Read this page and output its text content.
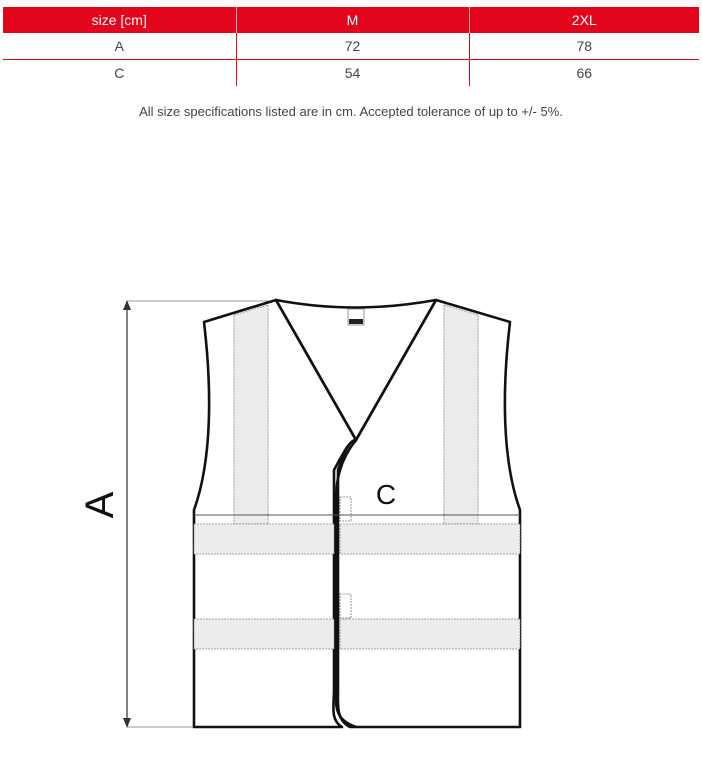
size [cm]	M	2XL
A	72	78
C	54	66
All size specifications listed are in cm. Accepted tolerance of up to +/- 5%.
A	C
